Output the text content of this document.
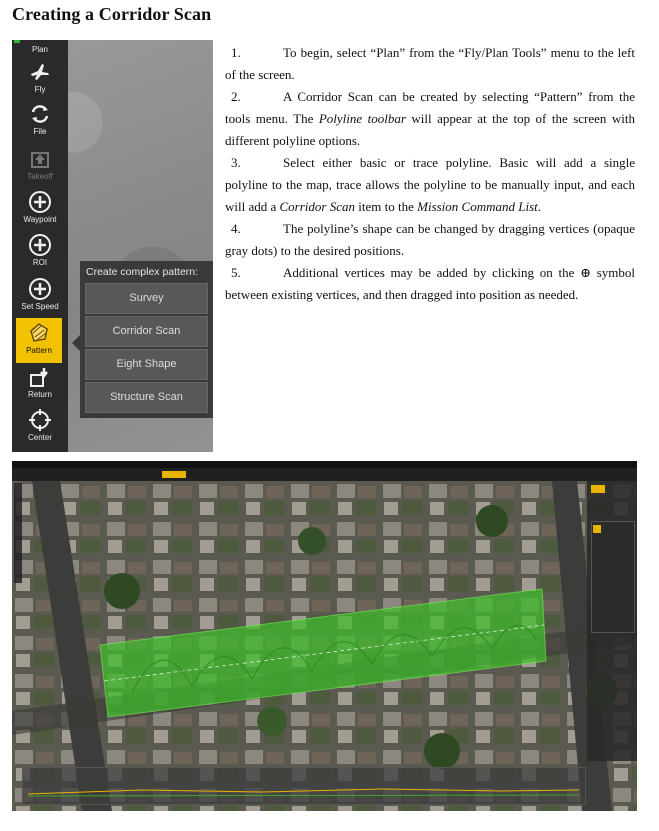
Creating a Corridor Scan
Plan
Fly
File
Takeoff
Waypoint
ROI
Set Speed
Pattern
Return
Center
Create complex pattern:
Survey
Corridor Scan
Eight Shape
Structure Scan

1.	To begin, select “Plan” from the “Fly/Plan Tools” menu to the left of the screen.

2.	A Corridor Scan can be created by selecting “Pattern” from the tools menu. The Polyline toolbar will appear at the top of the screen with different polyline options.

3.	Select either basic or trace polyline. Basic will add a single polyline to the map, trace allows the polyline to be manually input, and each will add a Corridor Scan item to the Mission Command List.

4.	The polyline’s shape can be changed by dragging vertices (opaque gray dots) to the desired positions.

5.	Additional vertices may be added by clicking on the ⊕ symbol between existing vertices, and then dragged into position as needed.
